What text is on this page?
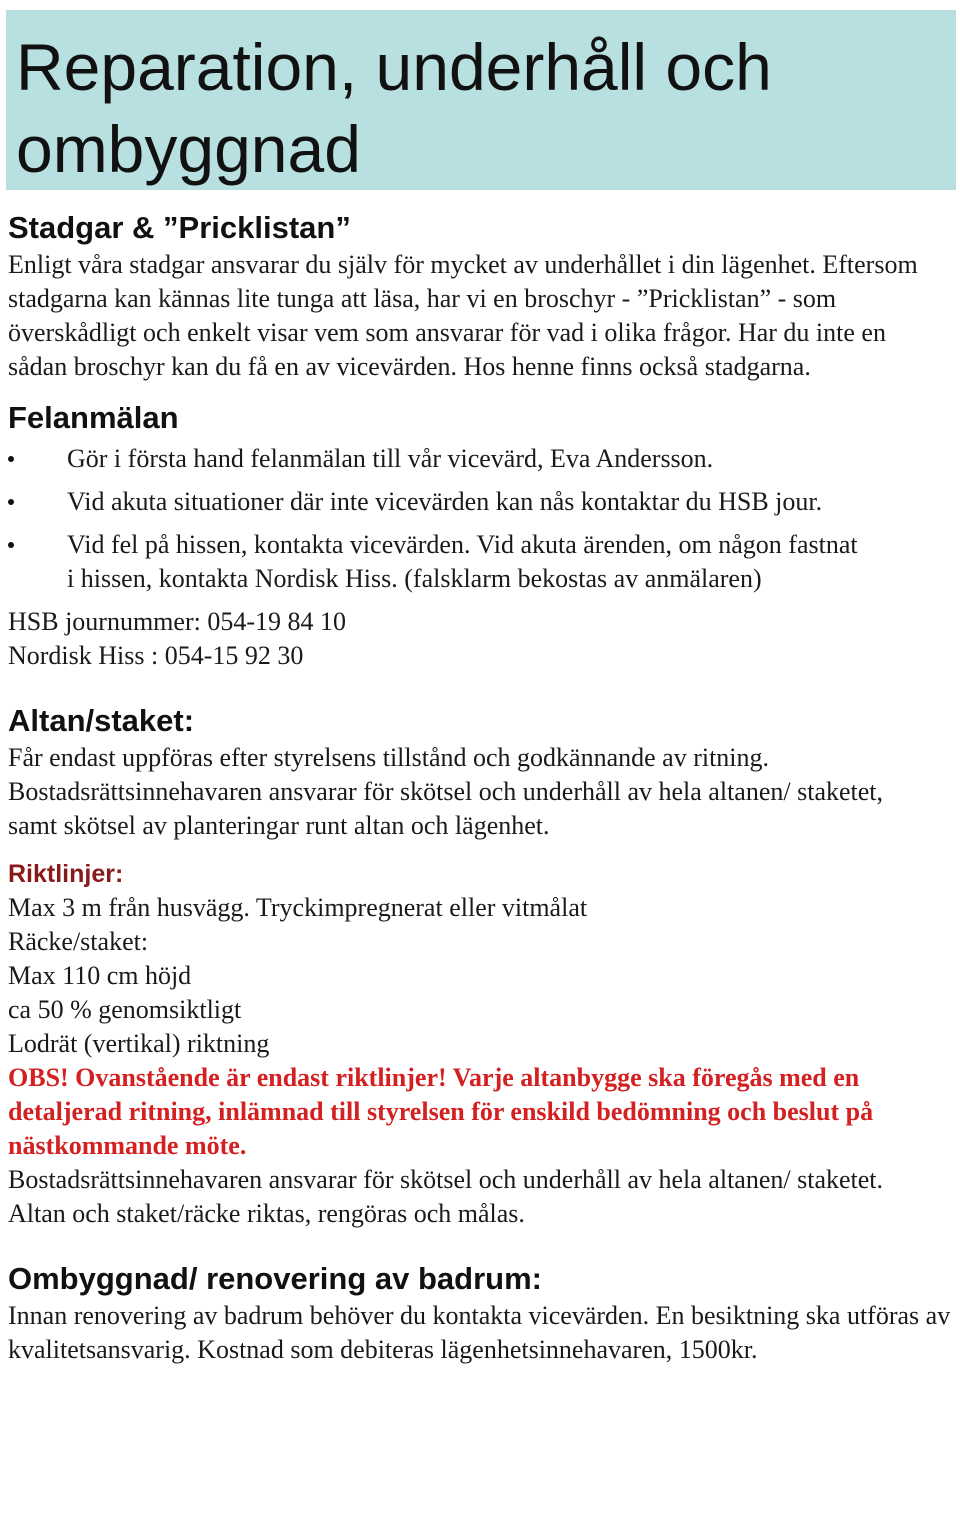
Reparation, underhåll och
ombyggnad
Stadgar & ”Pricklistan”

Enligt våra stadgar ansvarar du själv för mycket av underhållet i din lägenhet. Eftersom stadgarna kan kännas lite tunga att läsa, har vi en broschyr - ”Pricklistan” - som överskådligt och enkelt visar vem som ansvarar för vad i olika frågor. Har du inte en sådan broschyr kan du få en av vicevärden. Hos henne finns också stadgarna.

Felanmälan
Gör i första hand felanmälan till vår vicevärd, Eva Andersson.
Vid akuta situationer där inte vicevärden kan nås kontaktar du HSB jour.
Vid fel på hissen, kontakta vicevärden. Vid akuta ärenden, om någon fastnat i hissen, kontakta Nordisk Hiss. (falsklarm bekostas av anmälaren)

HSB journummer: 054-19 84 10

Nordisk Hiss : 054-15 92 30

Altan/staket:

Får endast uppföras efter styrelsens tillstånd och godkännande av ritning. Bostadsrättsinnehavaren ansvarar för skötsel och underhåll av hela altanen/ staketet, samt skötsel av planteringar runt altan och lägenhet.

Riktlinjer:

Max 3 m från husvägg. Tryckimpregnerat eller vitmålat

Räcke/staket:

Max 110 cm höjd

ca 50 % genomsiktligt

Lodrät (vertikal) riktning

OBS! Ovanstående är endast riktlinjer! Varje altanbygge ska föregås med en detaljerad ritning, inlämnad till styrelsen för enskild bedömning och beslut på nästkommande möte.

Bostadsrättsinnehavaren ansvarar för skötsel och underhåll av hela altanen/ staketet.

Altan och staket/räcke riktas, rengöras och målas.

Ombyggnad/ renovering av badrum:

Innan renovering av badrum behöver du kontakta vicevärden. En besiktning ska utföras av kvalitetsansvarig. Kostnad som debiteras lägenhetsinnehavaren, 1500kr.
